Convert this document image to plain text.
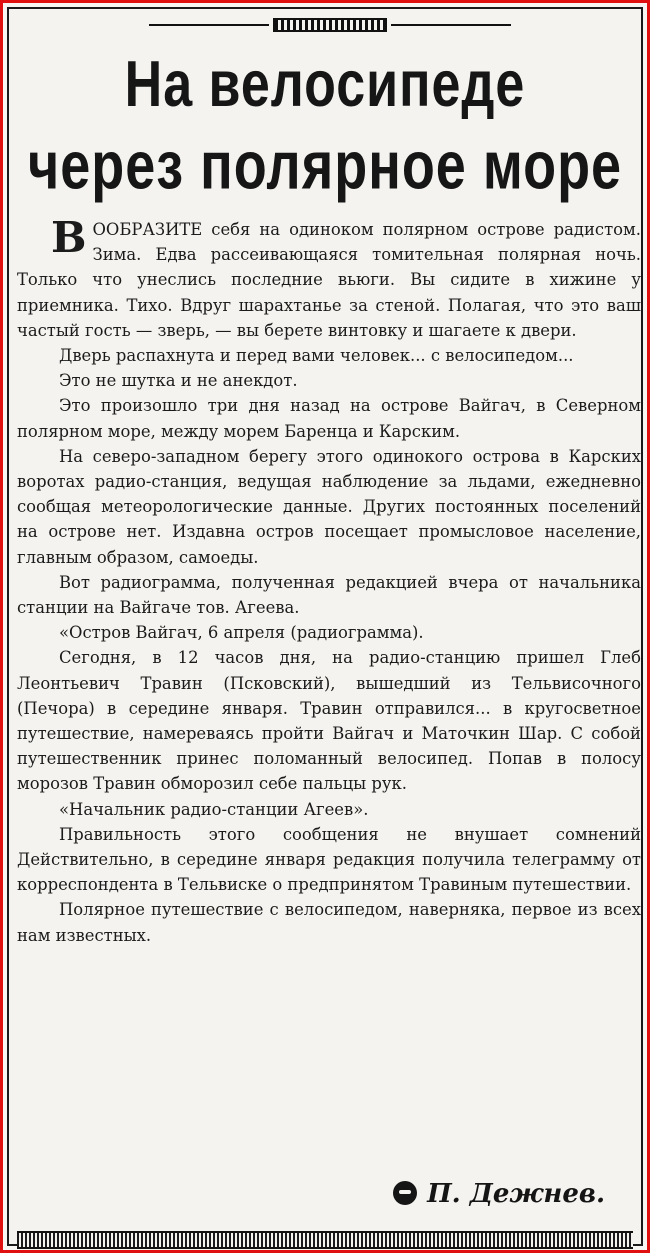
На велосипеде
через полярное море

ВООБРАЗИТЕ себя на одиноком полярном острове радистом. Зима. Едва рассеивающаяся томительная полярная ночь. Только что унеслись последние вьюги. Вы сидите в хижине у приемника. Тихо. Вдруг шарахтанье за стеной. Полагая, что это ваш частый гость — зверь, — вы берете винтовку и шагаете к двери.

Дверь распахнута и перед вами человек... с велосипедом...

Это не шутка и не анекдот.

Это произошло три дня назад на острове Вайгач, в Северном полярном море, между морем Баренца и Карским.

На северо-западном берегу этого одинокого острова в Карских воротах радио-станция, ведущая наблюдение за льдами, ежедневно сообщая метеорологические данные. Других постоянных поселений на острове нет. Издавна остров посещает промысловое население, главным образом, самоеды.

Вот радиограмма, полученная редакцией вчера от начальника станции на Вайгаче тов. Агеева.

«Остров Вайгач, 6 апреля (радиограмма).

Сегодня, в 12 часов дня, на радио-станцию пришел Глеб Леонтьевич Травин (Псковский), вышедший из Тельвисочного (Печора) в середине января. Травин отправился... в кругосветное путешествие, намереваясь пройти Вайгач и Маточкин Шар. С собой путешественник принес поломанный велосипед. Попав в полосу морозов Травин обморозил себе пальцы рук.

«Начальник радио-станции Агеев».

Правильность этого сообщения не внушает сомнений Действительно, в середине января редакция получила телеграмму от корреспондента в Тельвиске о предпринятом Травиным путешествии.

Полярное путешествие с велосипедом, наверняка, первое из всех нам известных.

П. Дежнев.
